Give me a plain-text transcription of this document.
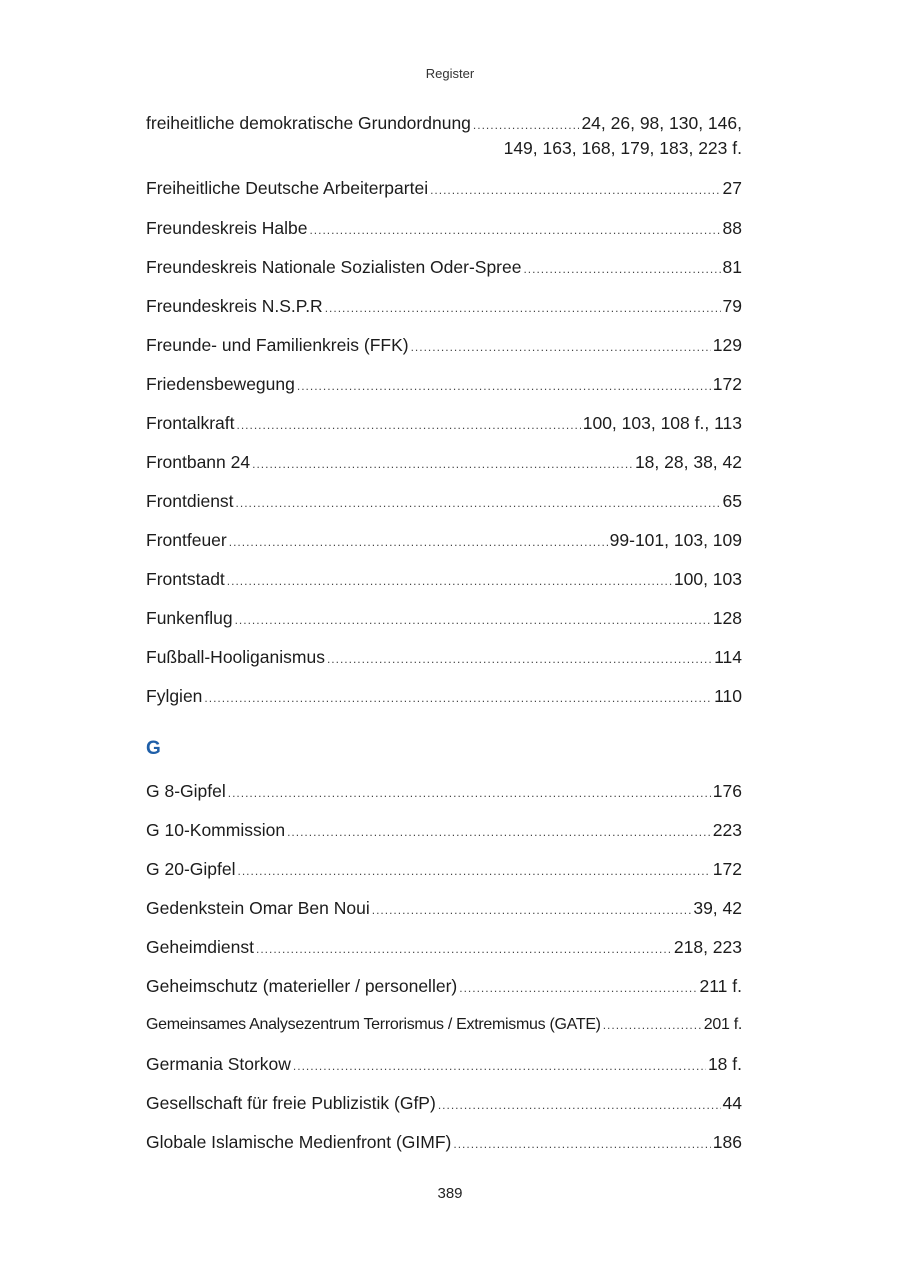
Register
freiheitliche demokratische Grundordnung .....	24, 26, 98, 130, 146,
149, 163, 168, 179, 183, 223 f.
Freiheitliche Deutsche Arbeiterpartei .....	27
Freundeskreis Halbe .....	88
Freundeskreis Nationale Sozialisten Oder-Spree .....	81
Freundeskreis N.S.P.R .....	79
Freunde- und Familienkreis (FFK) .....	129
Friedensbewegung .....	172
Frontalkraft .....	100, 103, 108 f., 113
Frontbann 24 .....	18, 28, 38, 42
Frontdienst .....	65
Frontfeuer .....	99-101, 103, 109
Frontstadt .....	100, 103
Funkenflug .....	128
Fußball-Hooliganismus .....	114
Fylgien .....	110
G
G 8-Gipfel .....	176
G 10-Kommission .....	223
G 20-Gipfel .....	172
Gedenkstein Omar Ben Noui .....	39, 42
Geheimdienst .....	218, 223
Geheimschutz (materieller / personeller) .....	211 f.
Gemeinsames Analysezentrum Terrorismus / Extremismus (GATE) .....	201 f.
Germania Storkow .....	18 f.
Gesellschaft für freie Publizistik (GfP) .....	44
Globale Islamische Medienfront (GIMF) .....	186
389
